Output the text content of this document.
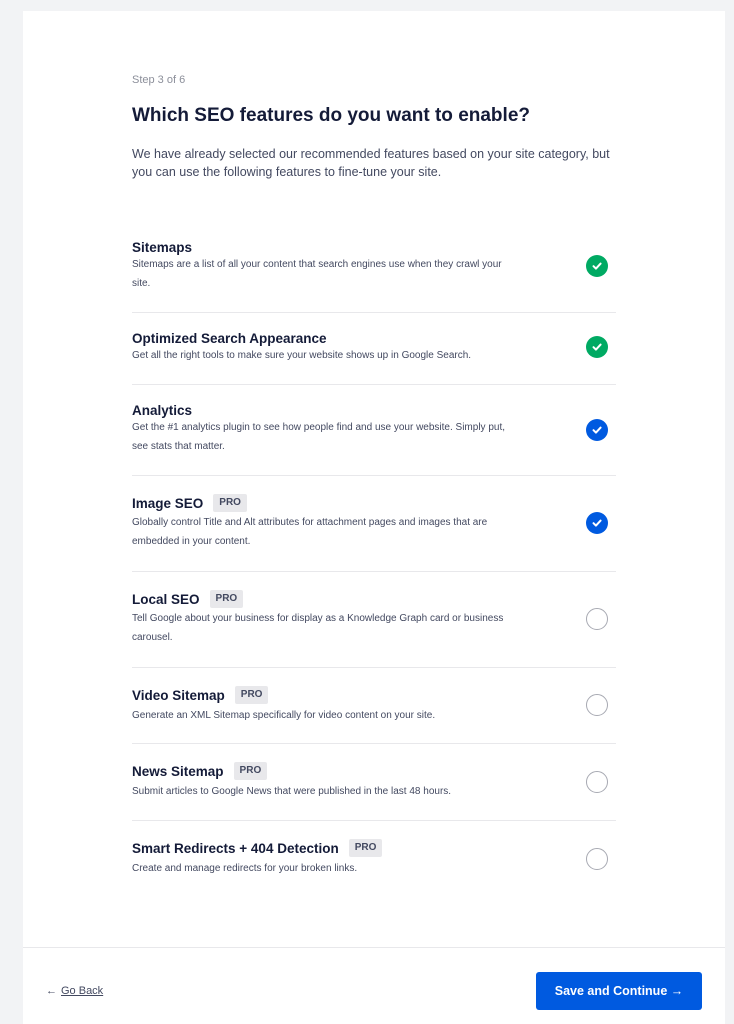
Step 3 of 6
Which SEO features do you want to enable?

We have already selected our recommended features based on your site category, but you can use the following features to fine-tune your site.

Sitemaps

Sitemaps are a list of all your content that search engines use when they crawl your site.

Optimized Search Appearance

Get all the right tools to make sure your website shows up in Google Search.

Analytics

Get the #1 analytics plugin to see how people find and use your website. Simply put, see stats that matter.

Image SEO	PRO

Globally control Title and Alt attributes for attachment pages and images that are embedded in your content.

Local SEO	PRO

Tell Google about your business for display as a Knowledge Graph card or business carousel.

Video Sitemap	PRO

Generate an XML Sitemap specifically for video content on your site.

News Sitemap	PRO

Submit articles to Google News that were published in the last 48 hours.

Smart Redirects + 404 Detection	PRO

Create and manage redirects for your broken links.

← Go Back	Save and Continue →
